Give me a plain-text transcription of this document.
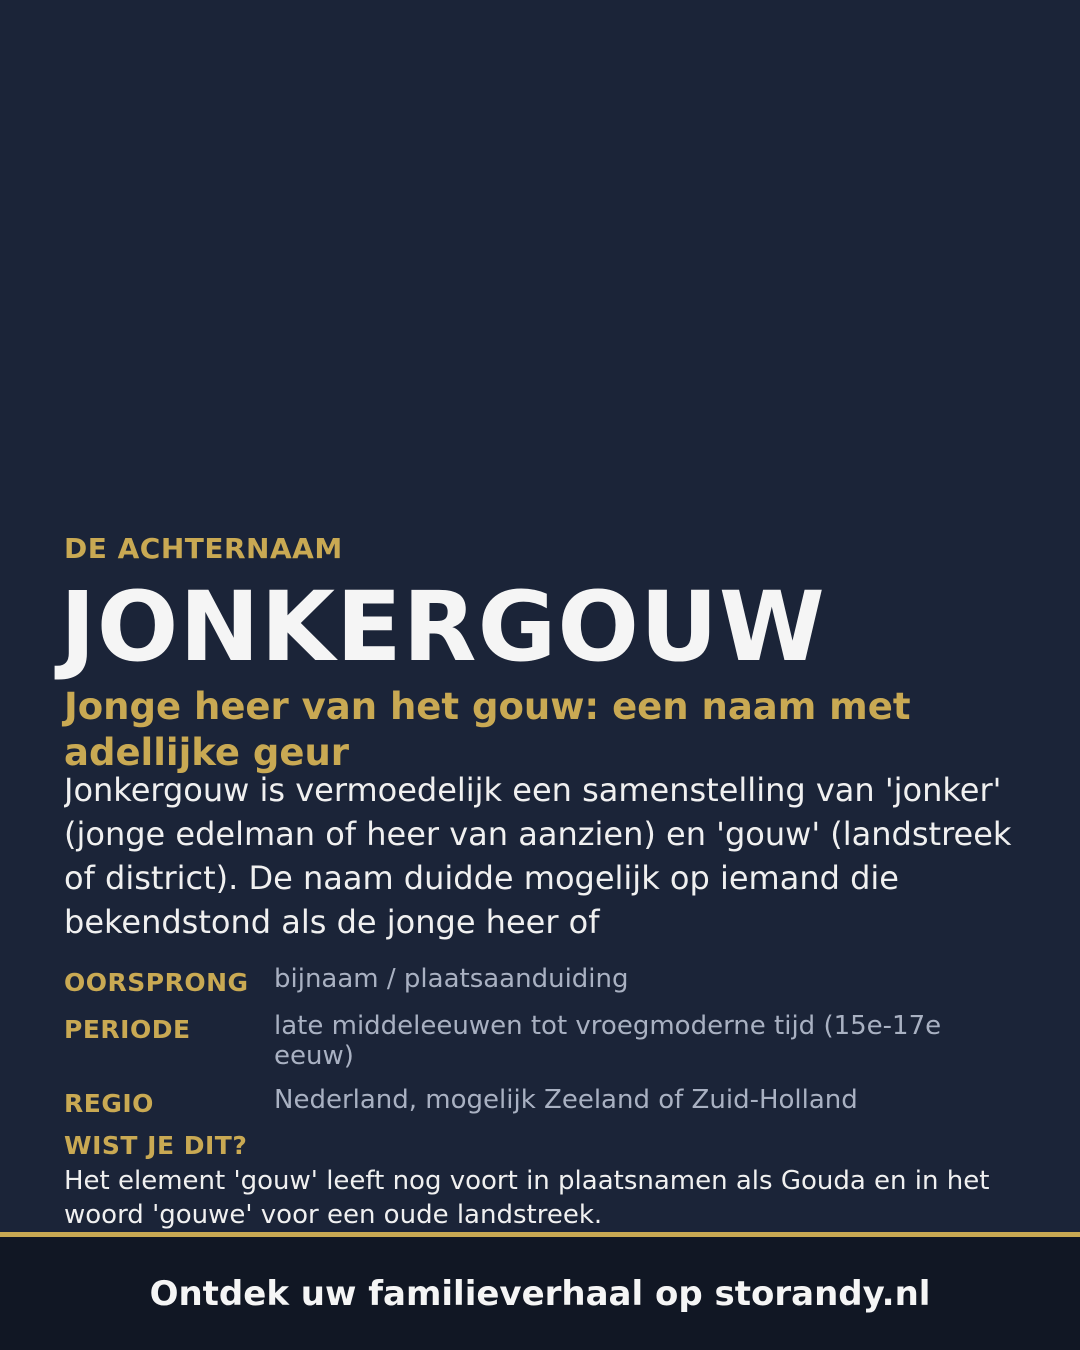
DE ACHTERNAAM
JONKERGOUW
Jonge heer van het gouw: een naam met adellijke geur
Jonkergouw is vermoedelijk een samenstelling van 'jonker' (jonge edelman of heer van aanzien) en 'gouw' (landstreek of district). De naam duidde mogelijk op iemand die bekendstond als de jonge heer of
OORSPRONG bijnaam / plaatsaanduiding
PERIODE	late middeleeuwen tot vroegmoderne tijd (15e-17e eeuw)
REGIO	Nederland, mogelijk Zeeland of Zuid-Holland
WIST JE DIT?
Het element 'gouw' leeft nog voort in plaatsnamen als Gouda en in het woord 'gouwe' voor een oude landstreek.
Ontdek uw familieverhaal op storandy.nl
